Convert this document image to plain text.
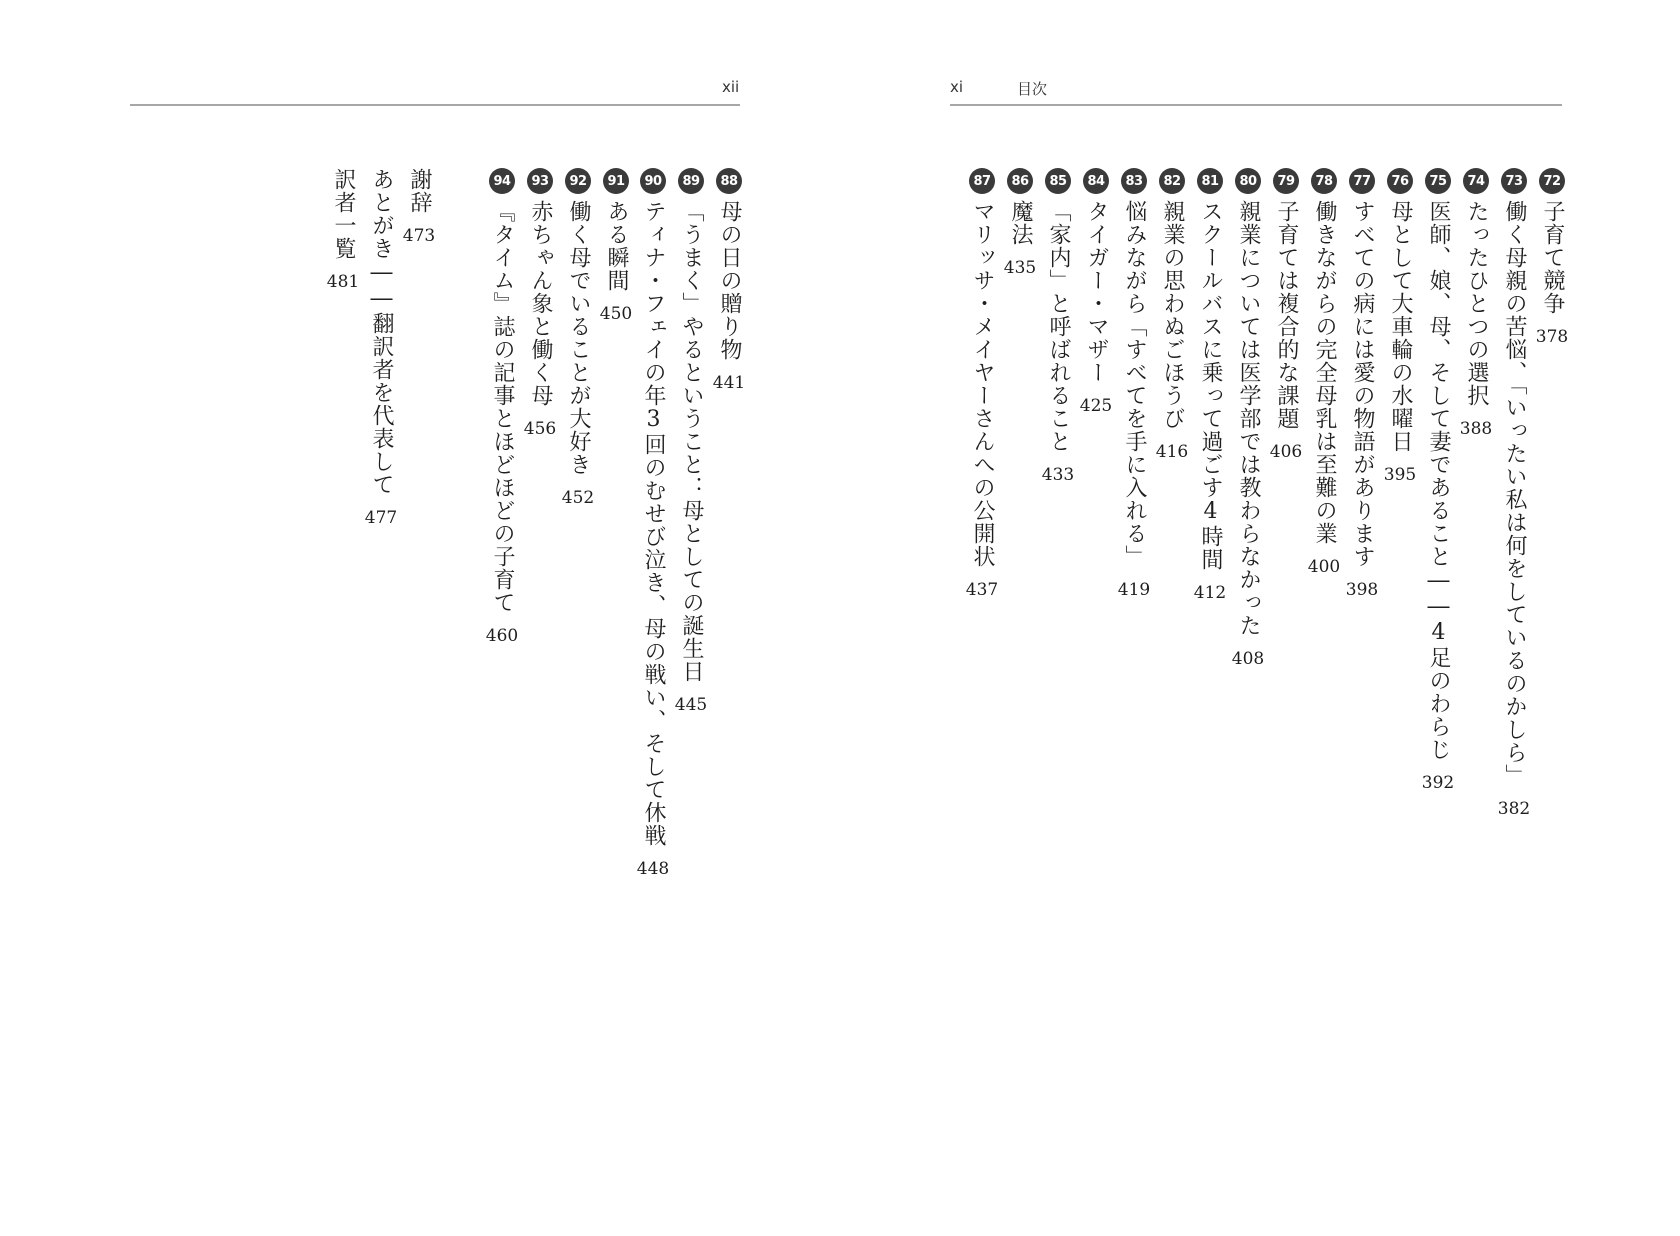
xii
88
母の日の贈り物
441
89
「うまく」やるということ：母としての誕生日
445
90
ティナ・フェイの年3回のむせび泣き、母の戦い、そして休戦
448
91
ある瞬間
450
92
働く母でいることが大好き
452
93
赤ちゃん象と働く母
456
94
『タイム』誌の記事とほどほどの子育て
460
謝辞
473
あとがき――翻訳者を代表して
477
訳者一覧
481
xi	目次
72
子育て競争
378
73
働く母親の苦悩、「いったい私は何をしているのかしら」
382
74
たったひとつの選択
388
75
医師、娘、母、そして妻であること――4足のわらじ
392
76
母として大車輪の水曜日
395
77
すべての病には愛の物語があります
398
78
働きながらの完全母乳は至難の業
400
79
子育ては複合的な課題
406
80
親業については医学部では教わらなかった
408
81
スクールバスに乗って過ごす4時間
412
82
親業の思わぬごほうび
416
83
悩みながら「すべてを手に入れる」
419
84
タイガー・マザー
425
85
「家内」と呼ばれること
433
86
魔法
435
87
マリッサ・メイヤーさんへの公開状
437
